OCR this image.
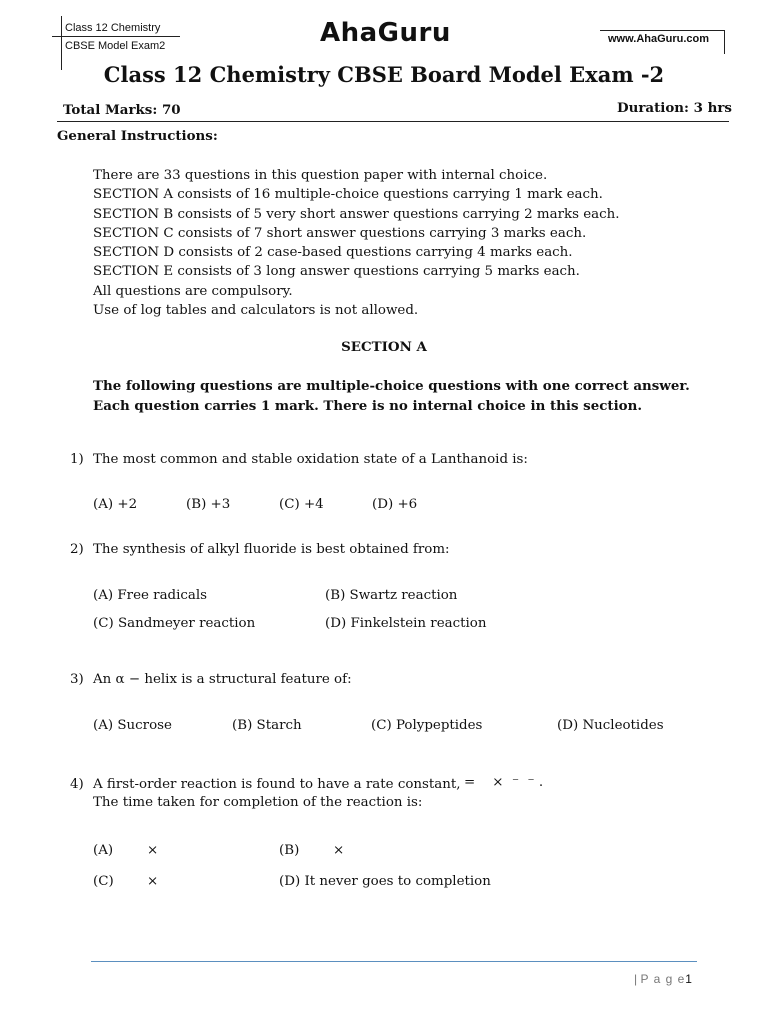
Class 12 Chemistry
CBSE Model Exam2	AhaGuru	www.AhaGuru.com
Class 12 Chemistry CBSE Board Model Exam -2
Total Marks: 70	Duration: 3 hrs
General Instructions:
There are 33 questions in this question paper with internal choice.
SECTION A consists of 16 multiple-choice questions carrying 1 mark each.
SECTION B consists of 5 very short answer questions carrying 2 marks each.
SECTION C consists of 7 short answer questions carrying 3 marks each.
SECTION D consists of 2 case-based questions carrying 4 marks each.
SECTION E consists of 3 long answer questions carrying 5 marks each.
All questions are compulsory.
Use of log tables and calculators is not allowed.
SECTION A
The following questions are multiple-choice questions with one correct answer.
Each question carries 1 mark. There is no internal choice in this section.
1) The most common and stable oxidation state of a Lanthanoid is:
(A) +2	(B) +3	(C) +4	(D) +6
2) The synthesis of alkyl fluoride is best obtained from:
(A) Free radicals	(B) Swartz reaction
(C) Sandmeyer reaction	(D) Finkelstein reaction
3) An α − helix is a structural feature of:
(A) Sucrose	(B) Starch	(C) Polypeptides	(D) Nucleotides
4) A first-order reaction is found to have a rate constant, =    ×  ⁻  ⁻ .
The time taken for completion of the reaction is:
(A)	×	(B)	×
(C) ×	(D) It never goes to completion
| P a g e1
